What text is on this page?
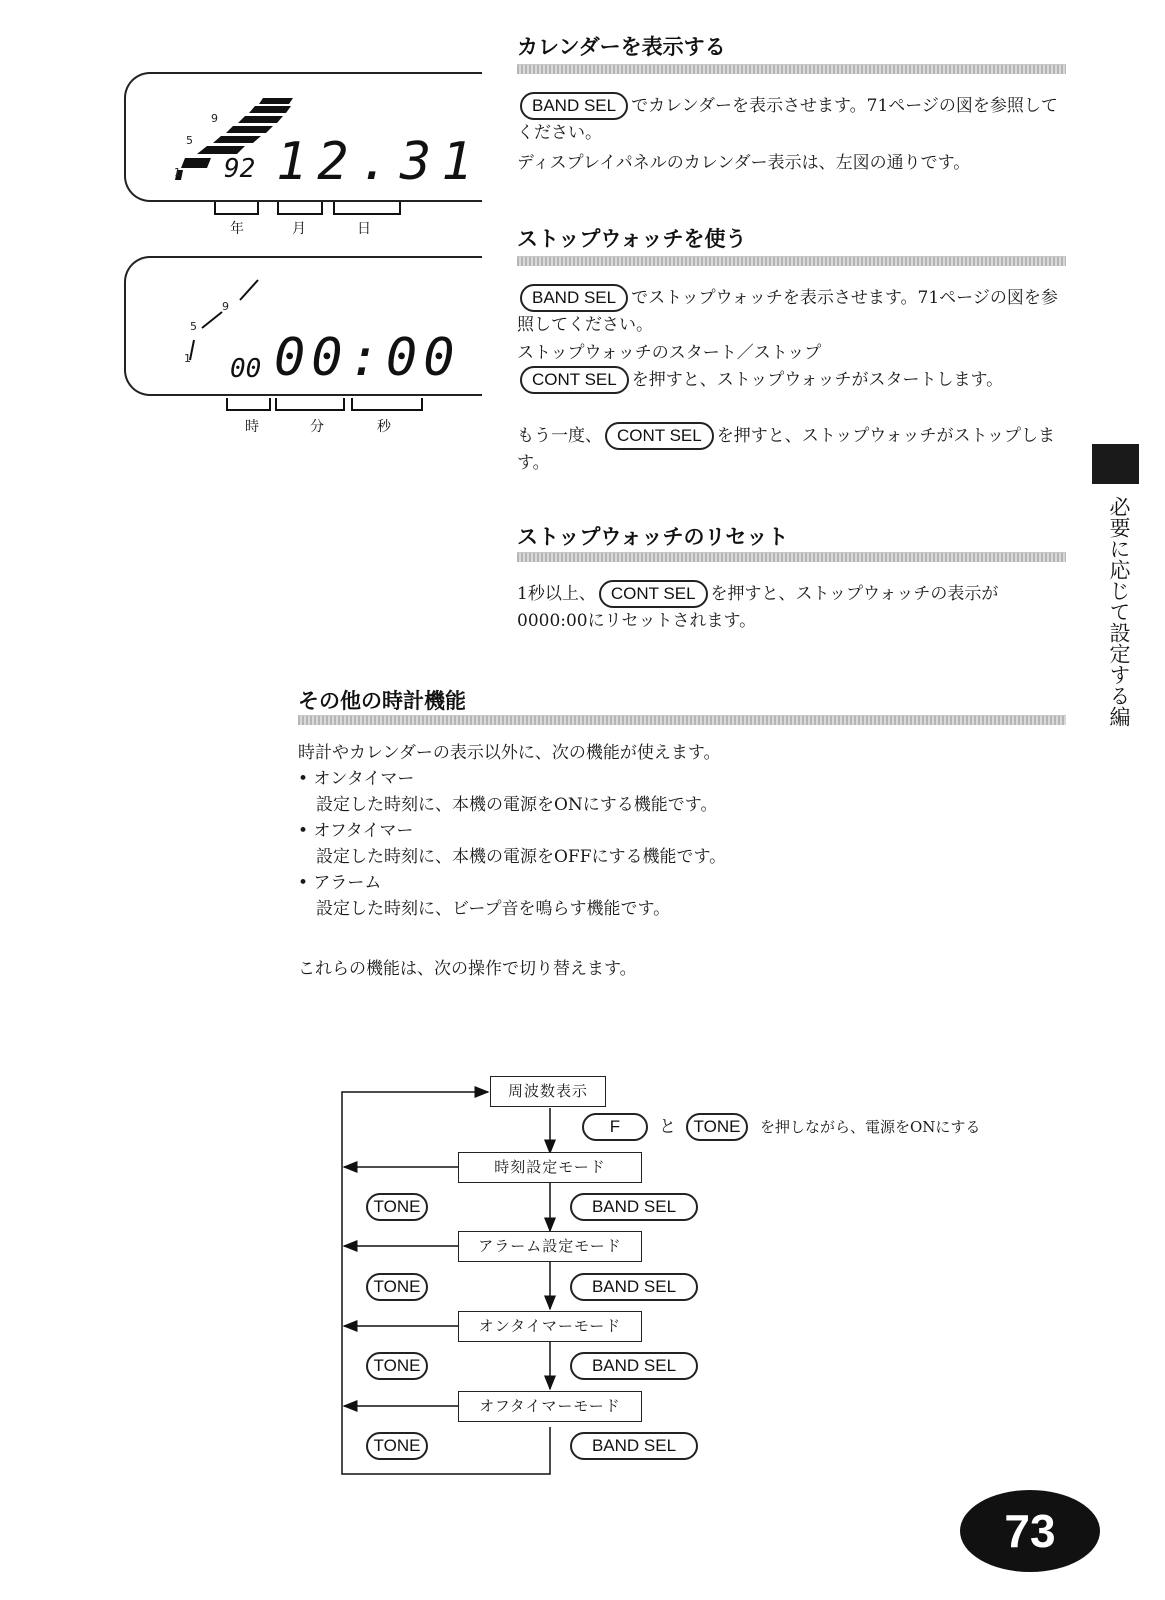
9
5
1 92 12.31
年	月	日
9
5
1 00 00:00
時	分	秒
カレンダーを表示する
BAND SEL でカレンダーを表示させます。71ページの図を参照してください。
ディスプレイパネルのカレンダー表示は、左図の通りです。
ストップウォッチを使う
BAND SEL でストップウォッチを表示させます。71ページの図を参照してください。
ストップウォッチのスタート／ストップ
CONT SEL を押すと、ストップウォッチがスタートします。
もう一度、 CONT SEL を押すと、ストップウォッチがストップします。
ストップウォッチのリセット
1秒以上、 CONT SEL を押すと、ストップウォッチの表示が0000:00にリセットされます。	必要に応じて設定する編
その他の時計機能
時計やカレンダーの表示以外に、次の機能が使えます。
• オンタイマー
設定した時刻に、本機の電源をONにする機能です。
• オフタイマー
設定した時刻に、本機の電源をOFFにする機能です。
• アラーム
設定した時刻に、ビープ音を鳴らす機能です。
これらの機能は、次の操作で切り替えます。
周波数表示
F	と	TONE	を押しながら、電源をONにする
時刻設定モード
TONE	BAND SEL
アラーム設定モード
TONE	BAND SEL
オンタイマーモード
TONE	BAND SEL
オフタイマーモード
TONE	BAND SEL
73
